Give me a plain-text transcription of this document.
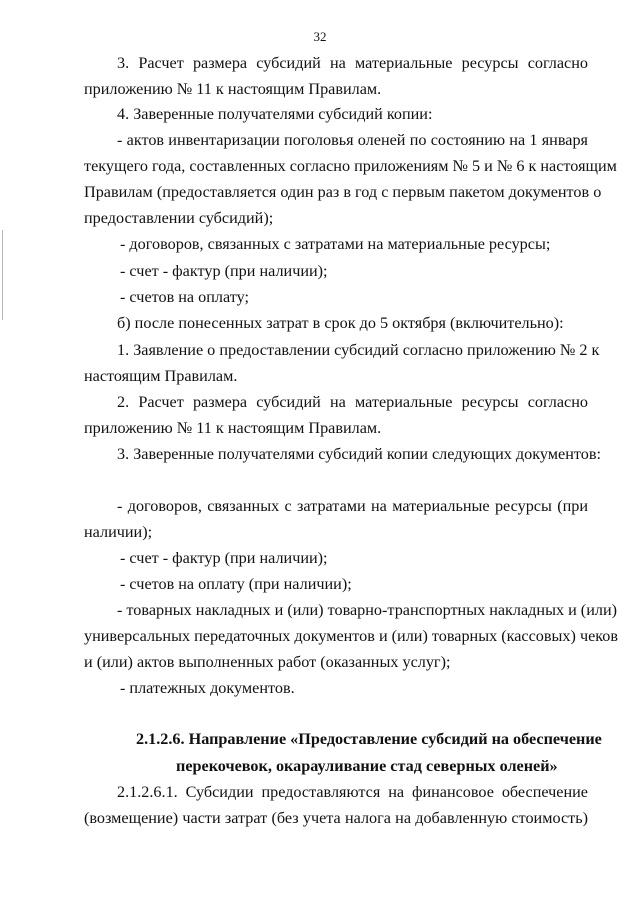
32
3. Расчет размера субсидий на материальные ресурсы согласно
приложению № 11 к настоящим Правилам.
4. Заверенные получателями субсидий копии:
- актов инвентаризации поголовья оленей по состоянию на 1 января
текущего года, составленных согласно приложениям № 5 и № 6 к настоящим
Правилам (предоставляется один раз в год с первым пакетом документов о
предоставлении субсидий);
- договоров, связанных с затратами на материальные ресурсы;
- счет - фактур (при наличии);
- счетов на оплату;
б) после понесенных затрат в срок до 5 октября (включительно):
1. Заявление о предоставлении субсидий согласно приложению № 2 к
настоящим Правилам.
2. Расчет размера субсидий на материальные ресурсы согласно
приложению № 11 к настоящим Правилам.
3. Заверенные получателями субсидий копии следующих документов:
- договоров, связанных с затратами на материальные ресурсы (при
наличии);
- счет - фактур (при наличии);
- счетов на оплату (при наличии);
- товарных накладных и (или) товарно-транспортных накладных и (или)
универсальных передаточных документов и (или) товарных (кассовых) чеков
и (или) актов выполненных работ (оказанных услуг);
- платежных документов.
2.1.2.6. Направление «Предоставление субсидий на обеспечение
перекочевок, окарауливание стад северных оленей»
2.1.2.6.1. Субсидии предоставляются на финансовое обеспечение
(возмещение) части затрат (без учета налога на добавленную стоимость)
